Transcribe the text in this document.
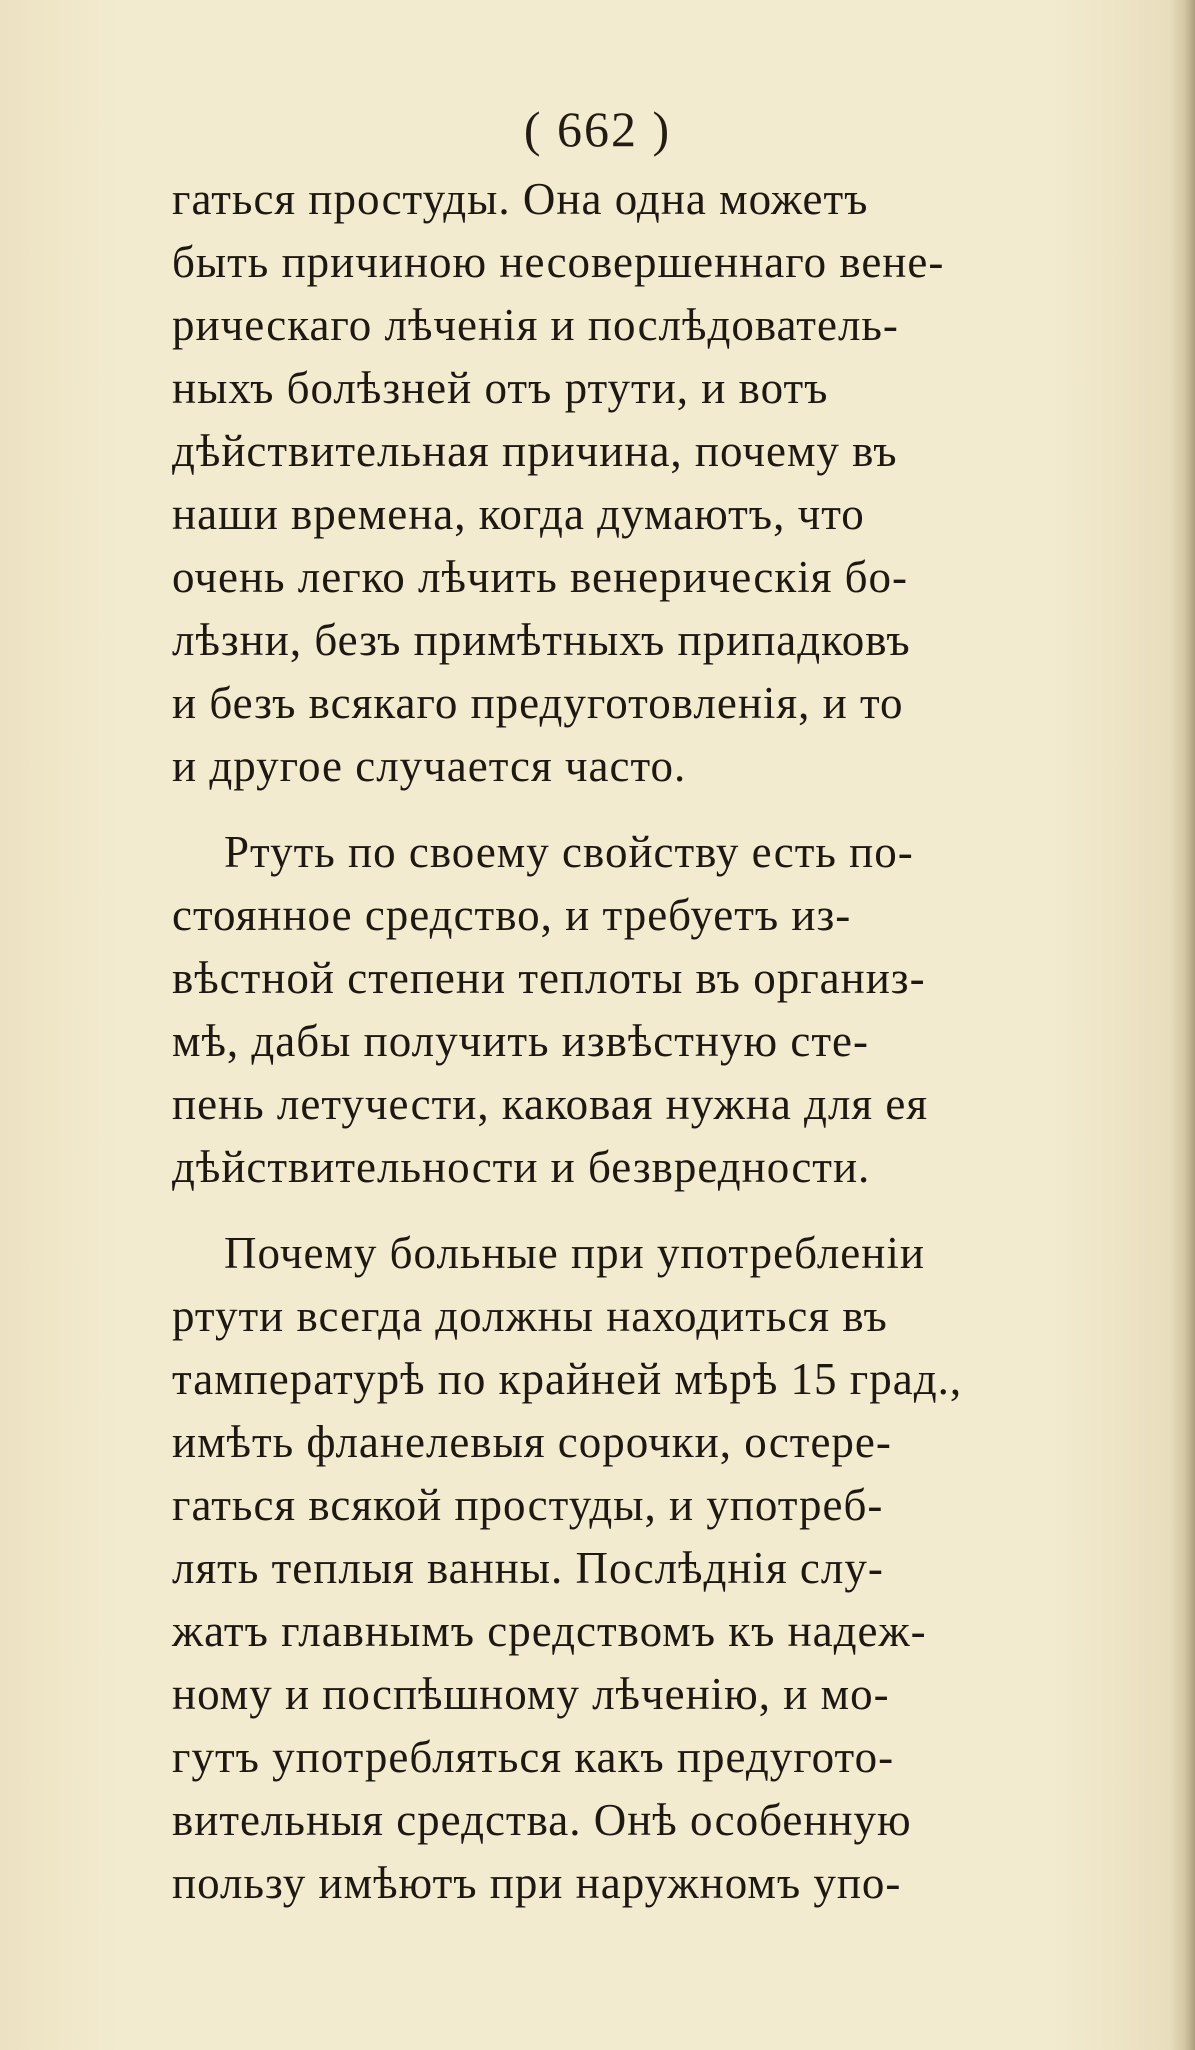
( 662 )
гаться простуды. Она одна можетъ
быть причиною несовершеннаго вене-
рическаго лѣченія и послѣдователь-
ныхъ болѣзней отъ ртути, и вотъ
дѣйствительная причина, почему въ
наши времена, когда думаютъ, что
очень легко лѣчить венерическія бо-
лѣзни, безъ примѣтныхъ припадковъ
и безъ всякаго предуготовленія, и то
и другое случается часто.
Ртуть по своему свойству есть по-
стоянное средство, и требуетъ из-
вѣстной степени теплоты въ организ-
мѣ, дабы получить извѣстную сте-
пень летучести, каковая нужна для ея
дѣйствительности и безвредности.
Почему больные при употребленіи
ртути всегда должны находиться въ
тампературѣ по крайней мѣрѣ 15 град.,
имѣть фланелевыя сорочки, остере-
гаться всякой простуды, и употреб-
лять теплыя ванны. Послѣднія слу-
жатъ главнымъ средствомъ къ надеж-
ному и поспѣшному лѣченію, и мо-
гутъ употребляться какъ предугото-
вительныя средства. Онѣ особенную
пользу имѣютъ при наружномъ упо-
